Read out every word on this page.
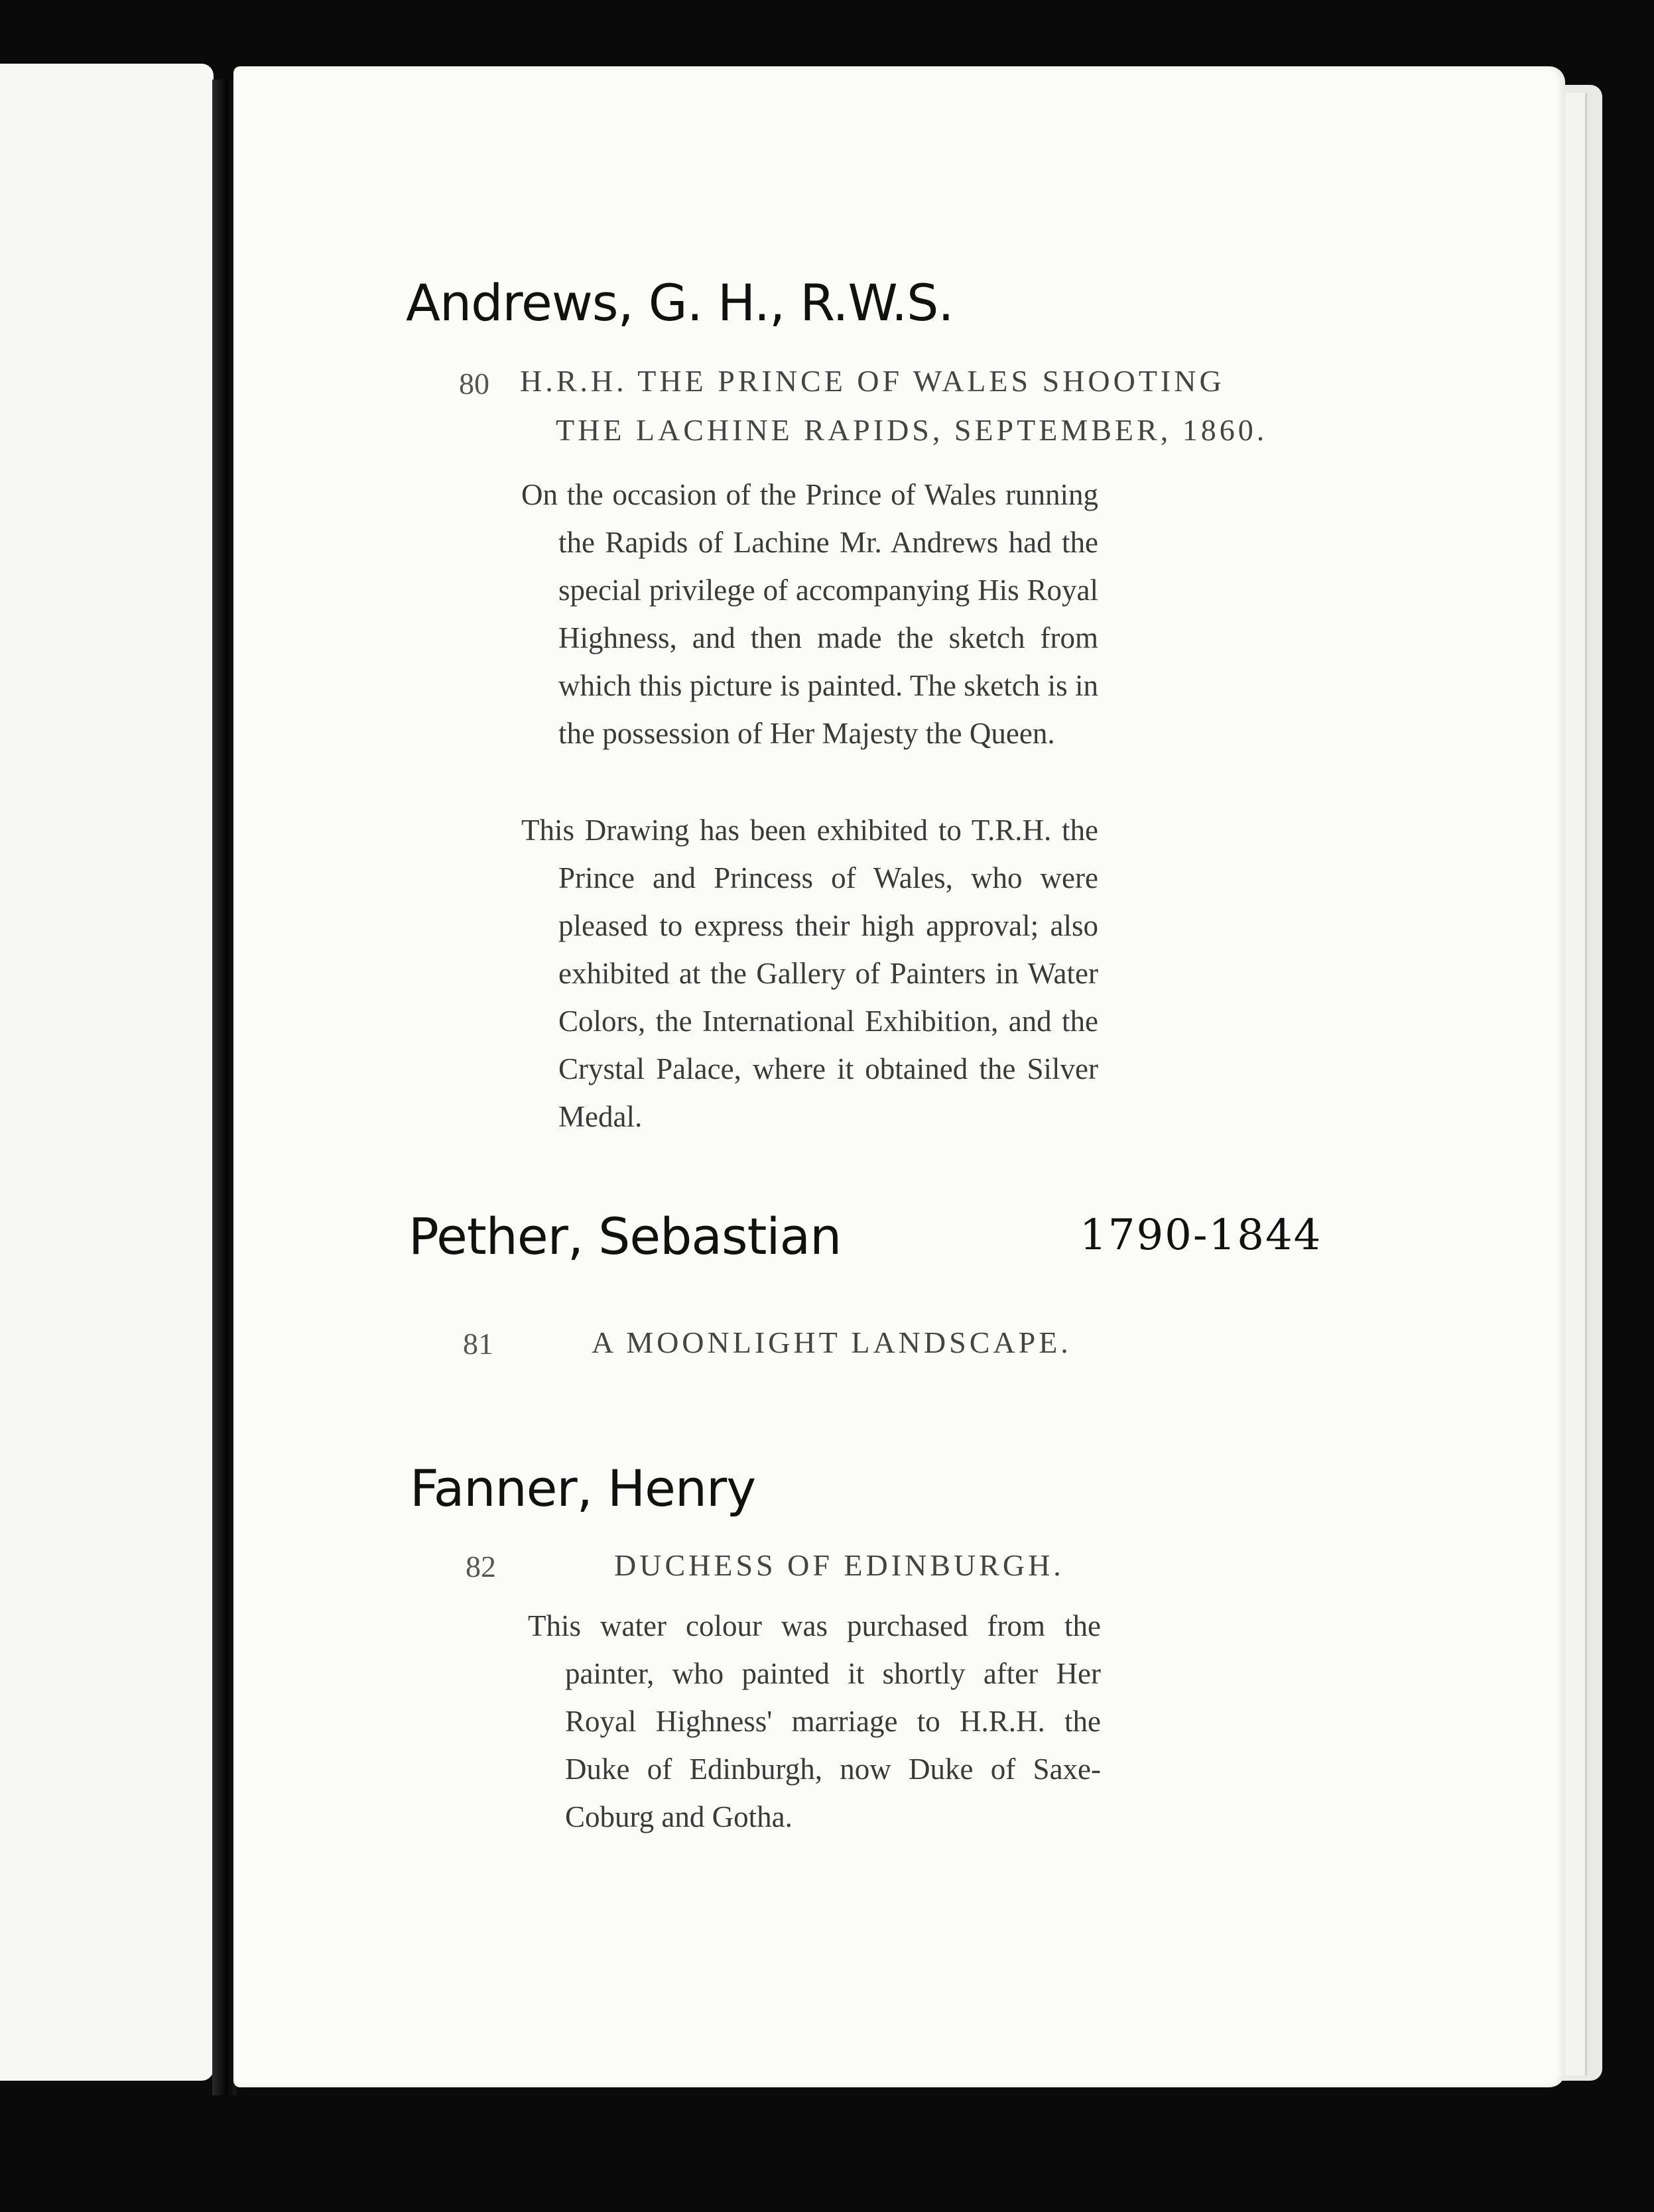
Andrews, G. H., R.W.S.
80 H.R.H. THE PRINCE OF WALES SHOOTING
THE LACHINE RAPIDS, SEPTEMBER, 1860.
On the occasion of the Prince of Wales running the Rapids of Lachine Mr. Andrews had the special privilege of accompanying His Royal Highness, and then made the sketch from which this picture is painted. The sketch is in the possession of Her Majesty the Queen.
This Drawing has been exhibited to T.R.H. the Prince and Princess of Wales, who were pleased to express their high approval; also exhibited at the Gallery of Painters in Water Colors, the International Exhibition, and the Crystal Palace, where it obtained the Silver Medal.
Pether, Sebastian	1790-1844
81	A MOONLIGHT LANDSCAPE.
Fanner, Henry
82	DUCHESS OF EDINBURGH.
This water colour was purchased from the painter, who painted it shortly after Her Royal Highness' marriage to H.R.H. the Duke of Edinburgh, now Duke of Saxe-Coburg and Gotha.
